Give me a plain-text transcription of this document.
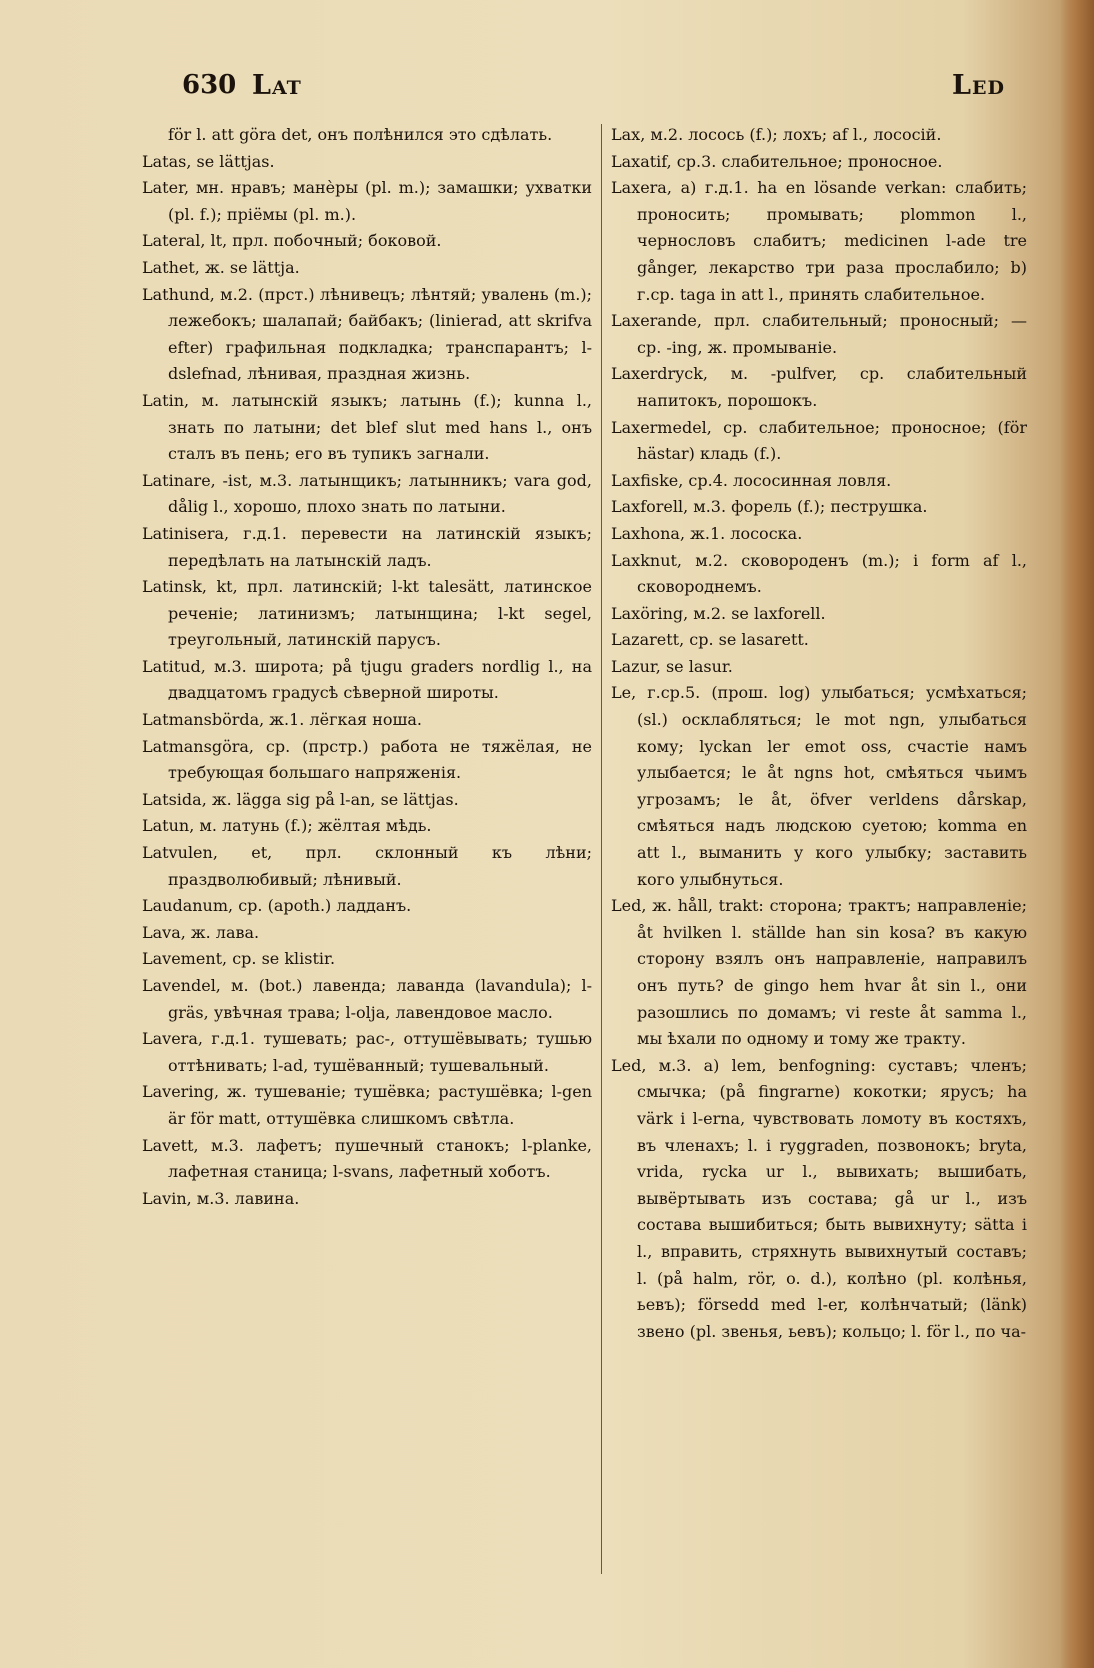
630 Lat	Led

för l. att göra det, онъ полѣнился это сдѣлать.

Latas, se lättjas.

Later, мн. нравъ; манѐры (pl. m.); замашки; ухватки (pl. f.); пріёмы (pl. m.).

Lateral, lt, прл. побочный; боковой.

Lathet, ж. se lättja.

Lathund, м.2. (прст.) лѣнивецъ; лѣнтяй; увалень (m.); лежебокъ; шалапай; байбакъ; (linierad, att skrifva efter) графильная подкладка; транспарантъ; l-dslefnad, лѣнивая, праздная жизнь.

Latin, м. латынскій языкъ; латынь (f.); kunna l., знать по латыни; det blef slut med hans l., онъ сталъ въ пень; его въ тупикъ загнали.

Latinare, -ist, м.3. латынщикъ; латынникъ; vara god, dålig l., хорошо, плохо знать по латыни.

Latinisera, г.д.1. перевести на латинскій языкъ; передѣлать на латынскій ладъ.

Latinsk, kt, прл. латинскій; l-kt talesätt, латинское реченіе; латинизмъ; латынщина; l-kt segel, треугольный, латинскій парусъ.

Latitud, м.3. широта; på tjugu graders nordlig l., на двадцатомъ градусѣ сѣверной широты.

Latmansbörda, ж.1. лёгкая ноша.

Latmansgöra, ср. (прстр.) работа не тяжёлая, не требующая большаго напряженія.

Latsida, ж. lägga sig på l-an, se lättjas.

Latun, м. латунь (f.); жёлтая мѣдь.

Latvulen, et, прл. склонный къ лѣни; праздволюбивый; лѣнивый.

Laudanum, ср. (apoth.) ладданъ.

Lava, ж. лава.

Lavement, ср. se klistir.

Lavendel, м. (bot.) лавенда; лаванда (lavandula); l-gräs, увѣчная трава; l-olja, лавендовое масло.

Lavera, г.д.1. тушевать; рас-, оттушёвывать; тушью оттѣнивать; l-ad, тушёванный; тушевальный.

Lavering, ж. тушеваніе; тушёвка; растушёвка; l-gen är för matt, оттушёвка слишкомъ свѣтла.

Lavett, м.3. лафетъ; пушечный станокъ; l-planke, лафетная станица; l-svans, лафетный хоботъ.

Lavin, м.3. лавина.

Lax, м.2. лосось (f.); лохъ; af l., лососій.

Laxatif, ср.3. слабительное; проносное.

Laxera, a) г.д.1. ha en lösande verkan: слабить; проносить; промывать; plommon l., чернословъ слабитъ; medicinen l-ade tre gånger, лекарство три раза прослабило; b) г.ср. taga in att l., принять слабительное.

Laxerande, прл. слабительный; проносный; — ср. -ing, ж. промываніе.

Laxerdryck, м. -pulfver, ср. слабительный напитокъ, порошокъ.

Laxermedel, ср. слабительное; проносное; (för hästar) кладь (f.).

Laxfiske, ср.4. лососинная ловля.

Laxforell, м.3. форель (f.); пеструшка.

Laxhona, ж.1. лососка.

Laxknut, м.2. сковороденъ (m.); i form af l., сковороднемъ.

Laxöring, м.2. se laxforell.

Lazarett, ср. se lasarett.

Lazur, se lasur.

Le, г.ср.5. (прош. log) улыбаться; усмѣхаться; (sl.) осклабляться; le mot ngn, улыбаться кому; lyckan ler emot oss, счастіе намъ улыбается; le åt ngns hot, смѣяться чьимъ угрозамъ; le åt, öfver verldens dårskap, смѣяться надъ людскою суетою; komma en att l., выманить у кого улыбку; заставить кого улыбнуться.

Led, ж. håll, trakt: сторона; трактъ; направленіе; åt hvilken l. ställde han sin kosa? въ какую сторону взялъ онъ направленіе, направилъ онъ путь? de gingo hem hvar åt sin l., они разошлись по домамъ; vi reste åt samma l., мы ѣхали по одному и тому же тракту.

Led, м.3. a) lem, benfogning: суставъ; членъ; смычка; (på fingrarne) кокотки; ярусъ; ha värk i l-erna, чувствовать ломоту въ костяхъ, въ членахъ; l. i ryggraden, позвонокъ; bryta, vrida, rycka ur l., вывихать; вышибать, вывёртывать изъ состава; gå ur l., изъ состава вышибиться; быть вывихнуту; sätta i l., вправить, стряхнуть вывихнутый составъ; l. (på halm, rör, o. d.), колѣно (pl. колѣнья, ьевъ); försedd med l-er, колѣнчатый; (länk) звено (pl. звенья, ьевъ); кольцо; l. för l., по ча-
